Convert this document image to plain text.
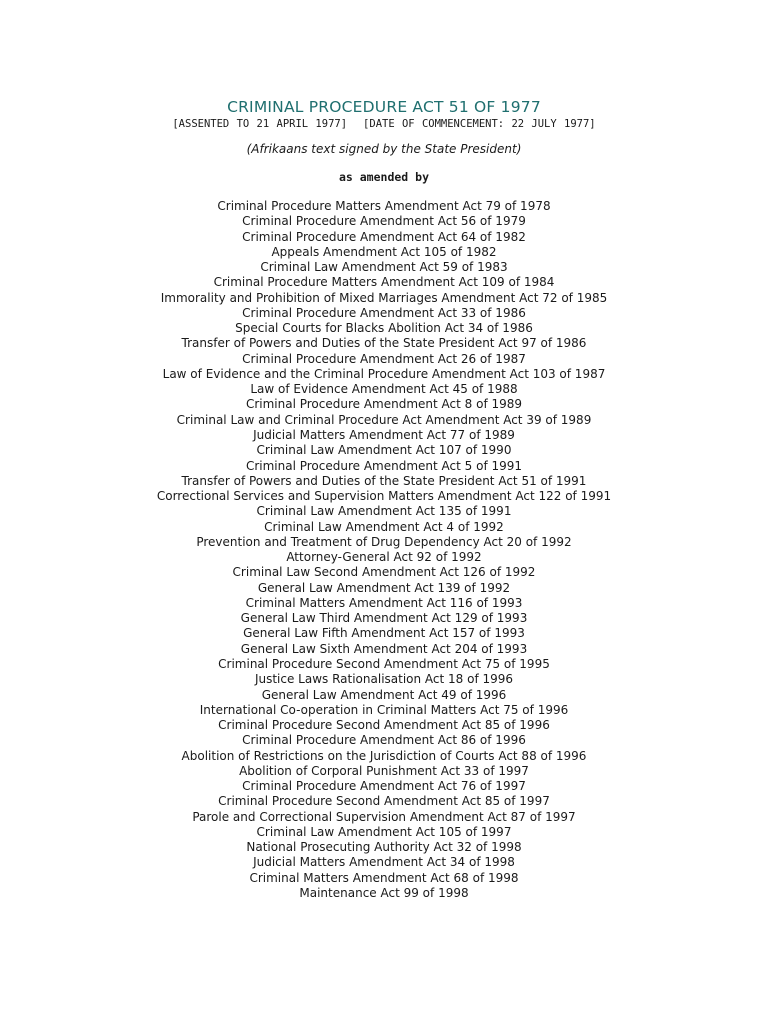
CRIMINAL PROCEDURE ACT 51 OF 1977
[ASSENTED TO 21 APRIL 1977] [DATE OF COMMENCEMENT: 22 JULY 1977]
(Afrikaans text signed by the State President)
as amended by
Criminal Procedure Matters Amendment Act 79 of 1978
Criminal Procedure Amendment Act 56 of 1979
Criminal Procedure Amendment Act 64 of 1982
Appeals Amendment Act 105 of 1982
Criminal Law Amendment Act 59 of 1983
Criminal Procedure Matters Amendment Act 109 of 1984
Immorality and Prohibition of Mixed Marriages Amendment Act 72 of 1985
Criminal Procedure Amendment Act 33 of 1986
Special Courts for Blacks Abolition Act 34 of 1986
Transfer of Powers and Duties of the State President Act 97 of 1986
Criminal Procedure Amendment Act 26 of 1987
Law of Evidence and the Criminal Procedure Amendment Act 103 of 1987
Law of Evidence Amendment Act 45 of 1988
Criminal Procedure Amendment Act 8 of 1989
Criminal Law and Criminal Procedure Act Amendment Act 39 of 1989
Judicial Matters Amendment Act 77 of 1989
Criminal Law Amendment Act 107 of 1990
Criminal Procedure Amendment Act 5 of 1991
Transfer of Powers and Duties of the State President Act 51 of 1991
Correctional Services and Supervision Matters Amendment Act 122 of 1991
Criminal Law Amendment Act 135 of 1991
Criminal Law Amendment Act 4 of 1992
Prevention and Treatment of Drug Dependency Act 20 of 1992
Attorney-General Act 92 of 1992
Criminal Law Second Amendment Act 126 of 1992
General Law Amendment Act 139 of 1992
Criminal Matters Amendment Act 116 of 1993
General Law Third Amendment Act 129 of 1993
General Law Fifth Amendment Act 157 of 1993
General Law Sixth Amendment Act 204 of 1993
Criminal Procedure Second Amendment Act 75 of 1995
Justice Laws Rationalisation Act 18 of 1996
General Law Amendment Act 49 of 1996
International Co-operation in Criminal Matters Act 75 of 1996
Criminal Procedure Second Amendment Act 85 of 1996
Criminal Procedure Amendment Act 86 of 1996
Abolition of Restrictions on the Jurisdiction of Courts Act 88 of 1996
Abolition of Corporal Punishment Act 33 of 1997
Criminal Procedure Amendment Act 76 of 1997
Criminal Procedure Second Amendment Act 85 of 1997
Parole and Correctional Supervision Amendment Act 87 of 1997
Criminal Law Amendment Act 105 of 1997
National Prosecuting Authority Act 32 of 1998
Judicial Matters Amendment Act 34 of 1998
Criminal Matters Amendment Act 68 of 1998
Maintenance Act 99 of 1998
